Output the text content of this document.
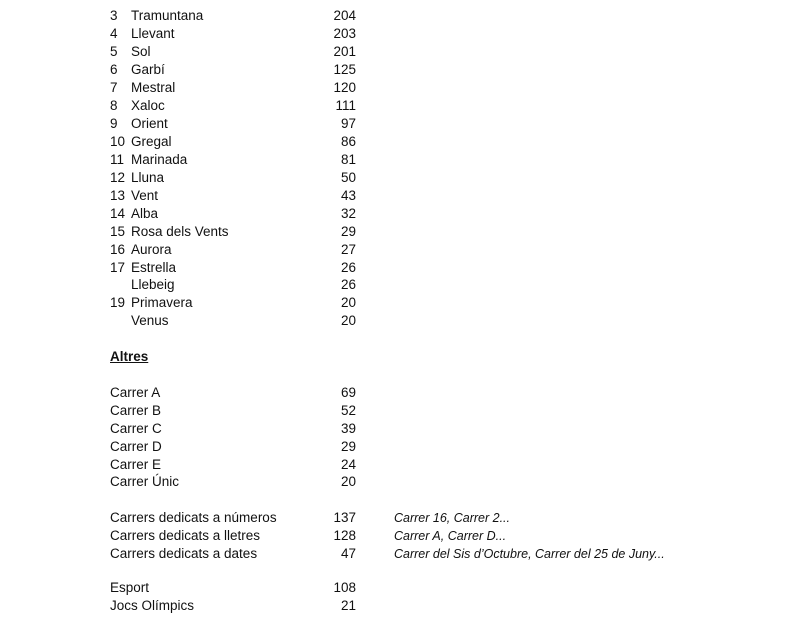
3 Tramuntana	204
4 Llevant	203
5 Sol	201
6 Garbí	125
7 Mestral	120
8 Xaloc	111
9 Orient	97
10 Gregal	86
11 Marinada	81
12 Lluna	50
13 Vent	43
14 Alba	32
15 Rosa dels Vents	29
16 Aurora	27
17 Estrella	26
Llebeig	26
19 Primavera	20
Venus	20
Altres
Carrer A	69
Carrer B	52
Carrer C	39
Carrer D	29
Carrer E	24
Carrer Únic	20
Carrers dedicats a números	137	Carrer 16, Carrer 2...
Carrers dedicats a lletres	128	Carrer A, Carrer D...
Carrers dedicats a dates	47	Carrer del Sis d’Octubre, Carrer del 25 de Juny...
Esport	108
Jocs Olímpics	21
